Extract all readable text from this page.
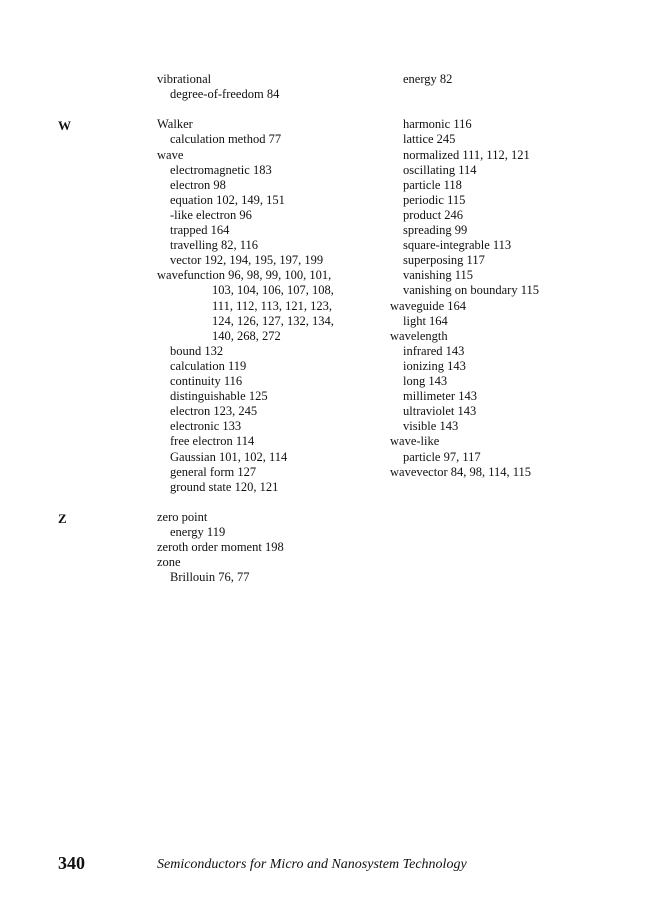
W
Z
vibrational
degree-of-freedom 84
Walker
calculation method 77
wave
electromagnetic 183
electron 98
equation 102, 149, 151
-like electron 96
trapped 164
travelling 82, 116
vector 192, 194, 195, 197, 199
wavefunction 96, 98, 99, 100, 101,
103, 104, 106, 107, 108,
111, 112, 113, 121, 123,
124, 126, 127, 132, 134,
140, 268, 272
bound 132
calculation 119
continuity 116
distinguishable 125
electron 123, 245
electronic 133
free electron 114
Gaussian 101, 102, 114
general form 127
ground state 120, 121
zero point
energy 119
zeroth order moment 198
zone
Brillouin 76, 77
energy 82
harmonic 116
lattice 245
normalized 111, 112, 121
oscillating 114
particle 118
periodic 115
product 246
spreading 99
square-integrable 113
superposing 117
vanishing 115
vanishing on boundary 115
waveguide 164
light 164
wavelength
infrared 143
ionizing 143
long 143
millimeter 143
ultraviolet 143
visible 143
wave-like
particle 97, 117
wavevector 84, 98, 114, 115
340	Semiconductors for Micro and Nanosystem Technology
